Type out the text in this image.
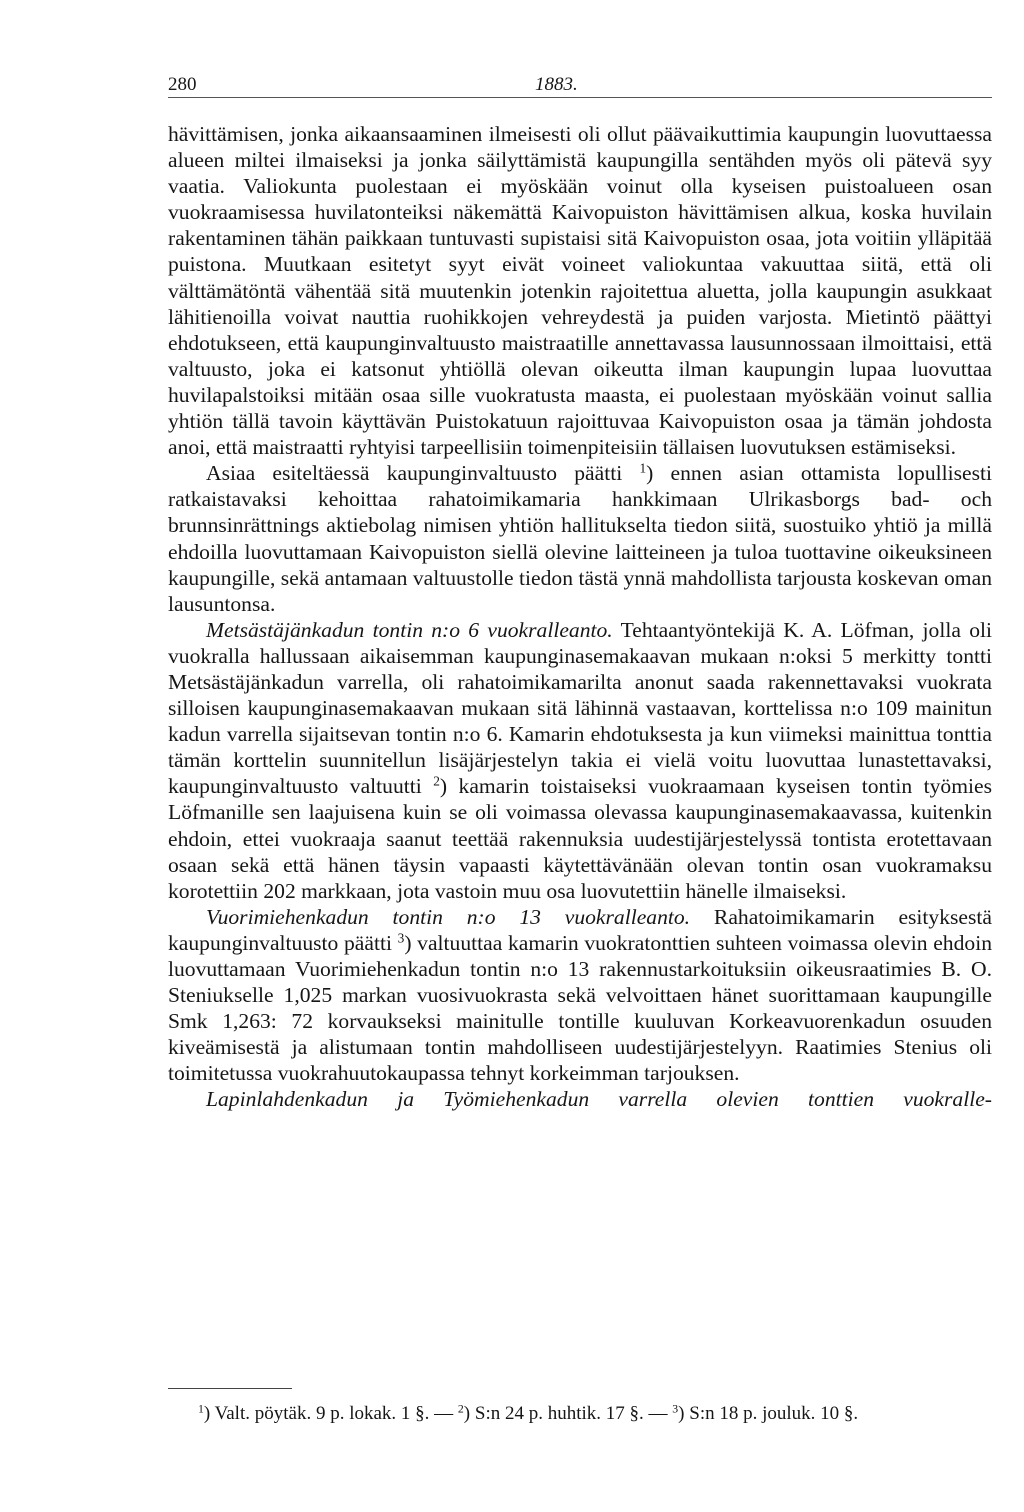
280	1883.

hävittämisen, jonka aikaansaaminen ilmeisesti oli ollut päävaikuttimia kaupungin luovuttaessa alueen miltei ilmaiseksi ja jonka säilyttämistä kaupungilla sentähden myös oli pätevä syy vaatia. Valiokunta puolestaan ei myöskään voinut olla kyseisen puistoalueen osan vuokraamisessa huvilatonteiksi näkemättä Kaivopuiston hävittämisen alkua, koska huvilain rakentaminen tähän paikkaan tuntuvasti supistaisi sitä Kaivopuiston osaa, jota voitiin ylläpitää puistona. Muutkaan esitetyt syyt eivät voineet valiokuntaa vakuuttaa siitä, että oli välttämätöntä vähentää sitä muutenkin jotenkin rajoitettua aluetta, jolla kaupungin asukkaat lähitienoilla voivat nauttia ruohikkojen vehreydestä ja puiden varjosta. Mietintö päättyi ehdotukseen, että kaupunginvaltuusto maistraatille annettavassa lausunnossaan ilmoittaisi, että valtuusto, joka ei katsonut yhtiöllä olevan oikeutta ilman kaupungin lupaa luovuttaa huvilapalstoiksi mitään osaa sille vuokratusta maasta, ei puolestaan myöskään voinut sallia yhtiön tällä tavoin käyttävän Puistokatuun rajoittuvaa Kaivopuiston osaa ja tämän johdosta anoi, että maistraatti ryhtyisi tarpeellisiin toimenpiteisiin tällaisen luovutuksen estämiseksi.

Asiaa esiteltäessä kaupunginvaltuusto päätti $^1$) ennen asian ottamista lopullisesti ratkaistavaksi kehoittaa rahatoimikamaria hankkimaan Ulrikasborgs bad- och brunnsinrättnings aktiebolag nimisen yhtiön hallitukselta tiedon siitä, suostuiko yhtiö ja millä ehdoilla luovuttamaan Kaivopuiston siellä olevine laitteineen ja tuloa tuottavine oikeuksineen kaupungille, sekä antamaan valtuustolle tiedon tästä ynnä mahdollista tarjousta koskevan oman lausuntonsa.

Metsästäjänkadun tontin n:o 6 vuokralleanto. Tehtaantyöntekijä K. A. Löfman, jolla oli vuokralla hallussaan aikaisemman kaupunginasemakaavan mukaan n:oksi 5 merkitty tontti Metsästäjänkadun varrella, oli rahatoimikamarilta anonut saada rakennettavaksi vuokrata silloisen kaupunginasemakaavan mukaan sitä lähinnä vastaavan, korttelissa n:o 109 mainitun kadun varrella sijaitsevan tontin n:o 6. Kamarin ehdotuksesta ja kun viimeksi mainittua tonttia tämän korttelin suunnitellun lisäjärjestelyn takia ei vielä voitu luovuttaa lunastettavaksi, kaupunginvaltuusto valtuutti $^2$) kamarin toistaiseksi vuokraamaan kyseisen tontin työmies Löfmanille sen laajuisena kuin se oli voimassa olevassa kaupunginasemakaavassa, kuitenkin ehdoin, ettei vuokraaja saanut teettää rakennuksia uudestijärjestelyssä tontista erotettavaan osaan sekä että hänen täysin vapaasti käytettävänään olevan tontin osan vuokramaksu korotettiin 202 markkaan, jota vastoin muu osa luovutettiin hänelle ilmaiseksi.

Vuorimiehenkadun tontin n:o 13 vuokralleanto. Rahatoimikamarin esityksestä kaupunginvaltuusto päätti $^3$) valtuuttaa kamarin vuokratonttien suhteen voimassa olevin ehdoin luovuttamaan Vuorimiehenkadun tontin n:o 13 rakennustarkoituksiin oikeusraatimies B. O. Steniukselle 1,025 markan vuosivuokrasta sekä velvoittaen hänet suorittamaan kaupungille Smk 1,263: 72 korvaukseksi mainitulle tontille kuuluvan Korkeavuorenkadun osuuden kiveämisestä ja alistumaan tontin mahdolliseen uudestijärjestelyyn. Raatimies Stenius oli toimitetussa vuokrahuutokaupassa tehnyt korkeimman tarjouksen.

Lapinlahdenkadun ja Työmiehenkadun varrella olevien tonttien vuokralle-

$^1$) Valt. pöytäk. 9 p. lokak. 1 §. — $^2$) S:n 24 p. huhtik. 17 §. — $^3$) S:n 18 p. jouluk. 10 §.
